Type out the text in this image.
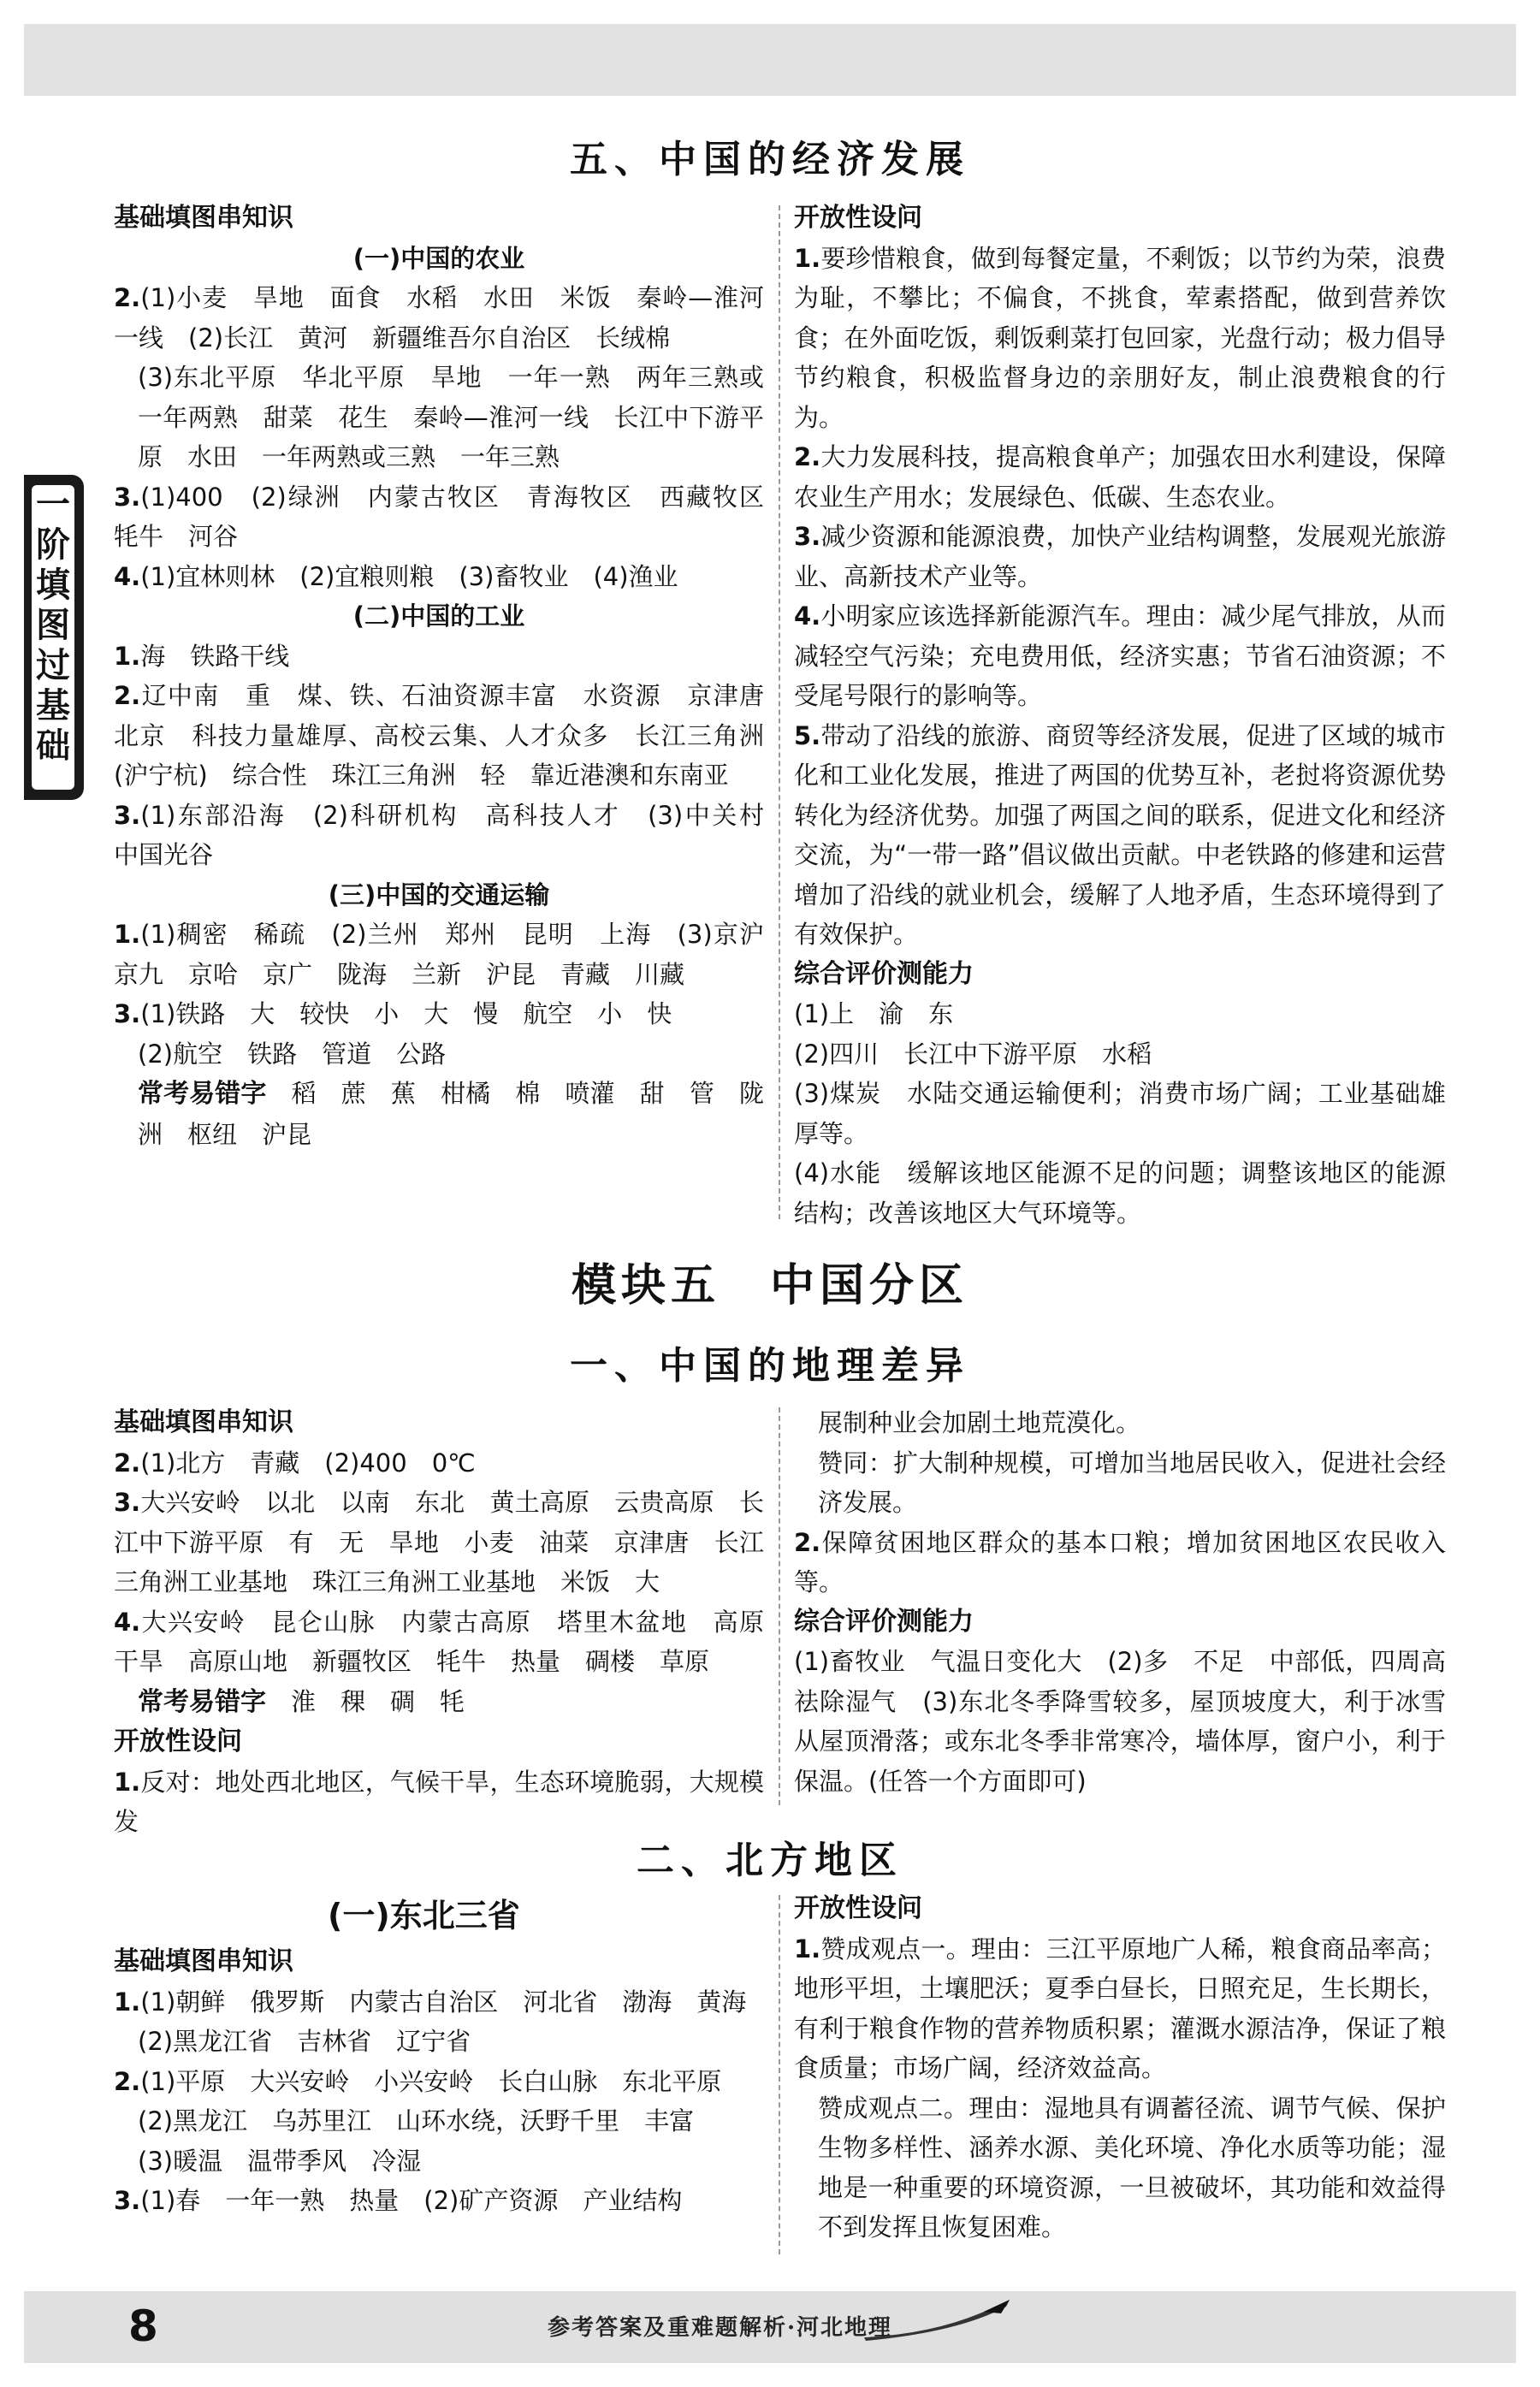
一阶填图过基础
五、中国的经济发展
基础填图串知识
(一)中国的农业
2.(1)小麦　旱地　面食　水稻　水田　米饭　秦岭—淮河一线　(2)长江　黄河　新疆维吾尔自治区　长绒棉
(3)东北平原　华北平原　旱地　一年一熟　两年三熟或一年两熟　甜菜　花生　秦岭—淮河一线　长江中下游平原　水田　一年两熟或三熟　一年三熟
3.(1)400　(2)绿洲　内蒙古牧区　青海牧区　西藏牧区　牦牛　河谷
4.(1)宜林则林　(2)宜粮则粮　(3)畜牧业　(4)渔业
(二)中国的工业
1.海　铁路干线
2.辽中南　重　煤、铁、石油资源丰富　水资源　京津唐　北京　科技力量雄厚、高校云集、人才众多　长江三角洲(沪宁杭)　综合性　珠江三角洲　轻　靠近港澳和东南亚
3.(1)东部沿海　(2)科研机构　高科技人才　(3)中关村　中国光谷
(三)中国的交通运输
1.(1)稠密　稀疏　(2)兰州　郑州　昆明　上海　(3)京沪　京九　京哈　京广　陇海　兰新　沪昆　青藏　川藏
3.(1)铁路　大　较快　小　大　慢　航空　小　快
(2)航空　铁路　管道　公路
常考易错字　 稻　蔗　蕉　柑橘　棉　喷灌　甜　管　陇　洲　枢纽　沪昆
开放性设问
1.要珍惜粮食，做到每餐定量，不剩饭；以节约为荣，浪费为耻，不攀比；不偏食，不挑食，荤素搭配，做到营养饮食；在外面吃饭，剩饭剩菜打包回家，光盘行动；极力倡导节约粮食，积极监督身边的亲朋好友，制止浪费粮食的行为。
2.大力发展科技，提高粮食单产；加强农田水利建设，保障农业生产用水；发展绿色、低碳、生态农业。
3.减少资源和能源浪费，加快产业结构调整，发展观光旅游业、高新技术产业等。
4.小明家应该选择新能源汽车。理由：减少尾气排放，从而减轻空气污染；充电费用低，经济实惠；节省石油资源；不受尾号限行的影响等。
5.带动了沿线的旅游、商贸等经济发展，促进了区域的城市化和工业化发展，推进了两国的优势互补，老挝将资源优势转化为经济优势。加强了两国之间的联系，促进文化和经济交流，为“一带一路”倡议做出贡献。中老铁路的修建和运营增加了沿线的就业机会，缓解了人地矛盾，生态环境得到了有效保护。
综合评价测能力
(1)上　渝　东
(2)四川　长江中下游平原　水稻
(3)煤炭　水陆交通运输便利；消费市场广阔；工业基础雄厚等。
(4)水能　缓解该地区能源不足的问题；调整该地区的能源结构；改善该地区大气环境等。
模块五　中国分区
一、中国的地理差异
基础填图串知识
2.(1)北方　青藏　(2)400　0℃
3.大兴安岭　以北　以南　东北　黄土高原　云贵高原　长江中下游平原　有　无　旱地　小麦　油菜　京津唐　长江三角洲工业基地　珠江三角洲工业基地　米饭　大
4.大兴安岭　昆仑山脉　内蒙古高原　塔里木盆地　高原　干旱　高原山地　新疆牧区　牦牛　热量　碉楼　草原
常考易错字　 淮　稞　碉　牦
开放性设问
1.反对：地处西北地区，气候干旱，生态环境脆弱，大规模发
展制种业会加剧土地荒漠化。
赞同：扩大制种规模，可增加当地居民收入，促进社会经济发展。
2.保障贫困地区群众的基本口粮；增加贫困地区农民收入等。
综合评价测能力
(1)畜牧业　气温日变化大　(2)多　不足　中部低，四周高　祛除湿气　(3)东北冬季降雪较多，屋顶坡度大，利于冰雪从屋顶滑落；或东北冬季非常寒冷，墙体厚，窗户小，利于保温。(任答一个方面即可)
二、北方地区
(一)东北三省
基础填图串知识
1.(1)朝鲜　俄罗斯　内蒙古自治区　河北省　渤海　黄海
(2)黑龙江省　吉林省　辽宁省
2.(1)平原　大兴安岭　小兴安岭　长白山脉　东北平原
(2)黑龙江　乌苏里江　山环水绕，沃野千里　丰富
(3)暖温　温带季风　冷湿
3.(1)春　一年一熟　热量　(2)矿产资源　产业结构
开放性设问
1.赞成观点一。理由：三江平原地广人稀，粮食商品率高；地形平坦，土壤肥沃；夏季白昼长，日照充足，生长期长，有利于粮食作物的营养物质积累；灌溉水源洁净，保证了粮食质量；市场广阔，经济效益高。
赞成观点二。理由：湿地具有调蓄径流、调节气候、保护生物多样性、涵养水源、美化环境、净化水质等功能；湿地是一种重要的环境资源，一旦被破坏，其功能和效益得不到发挥且恢复困难。
8	参考答案及重难题解析·河北地理
